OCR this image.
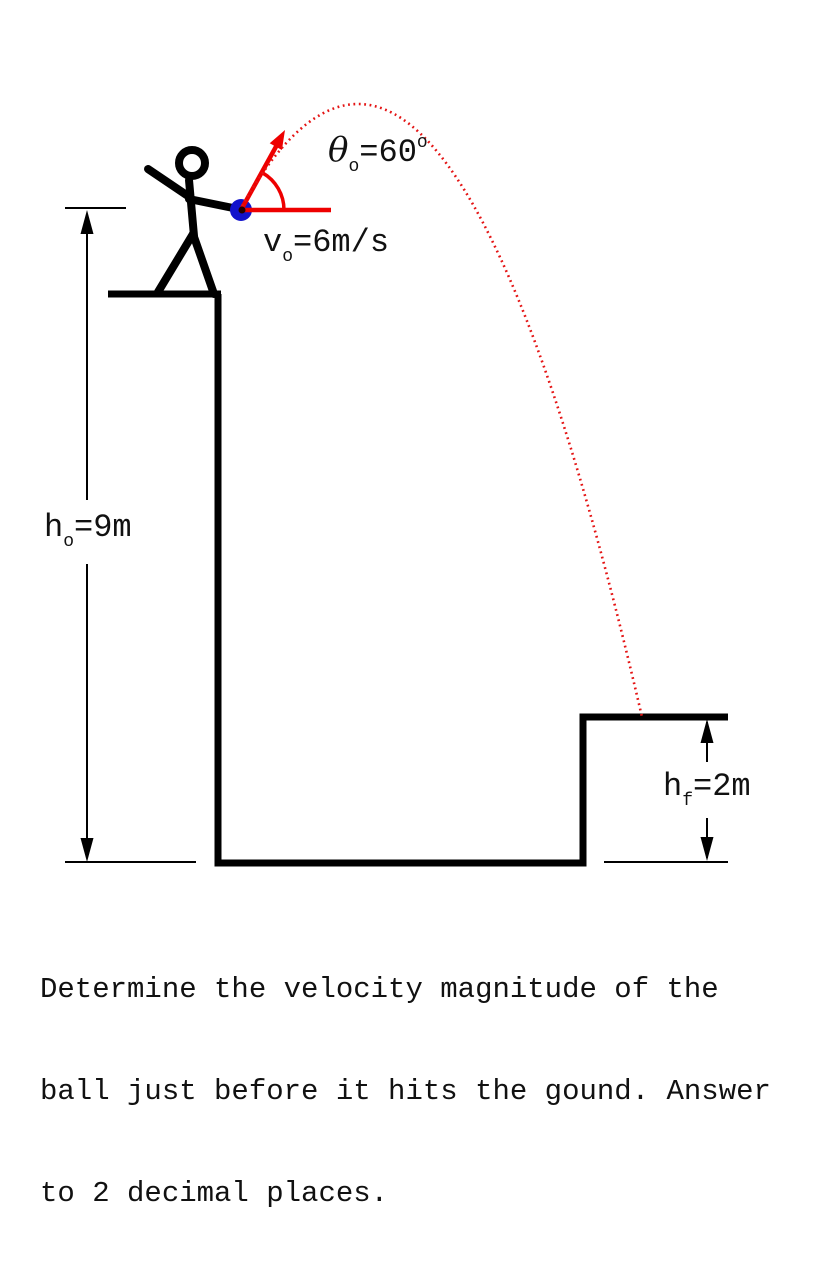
$\theta_o=60^o$
$v_o=6m/s$
$h_o=9m$
$h_f=2m$

Determine the velocity magnitude of the

ball just before it hits the gound. Answer

to 2 decimal places.
